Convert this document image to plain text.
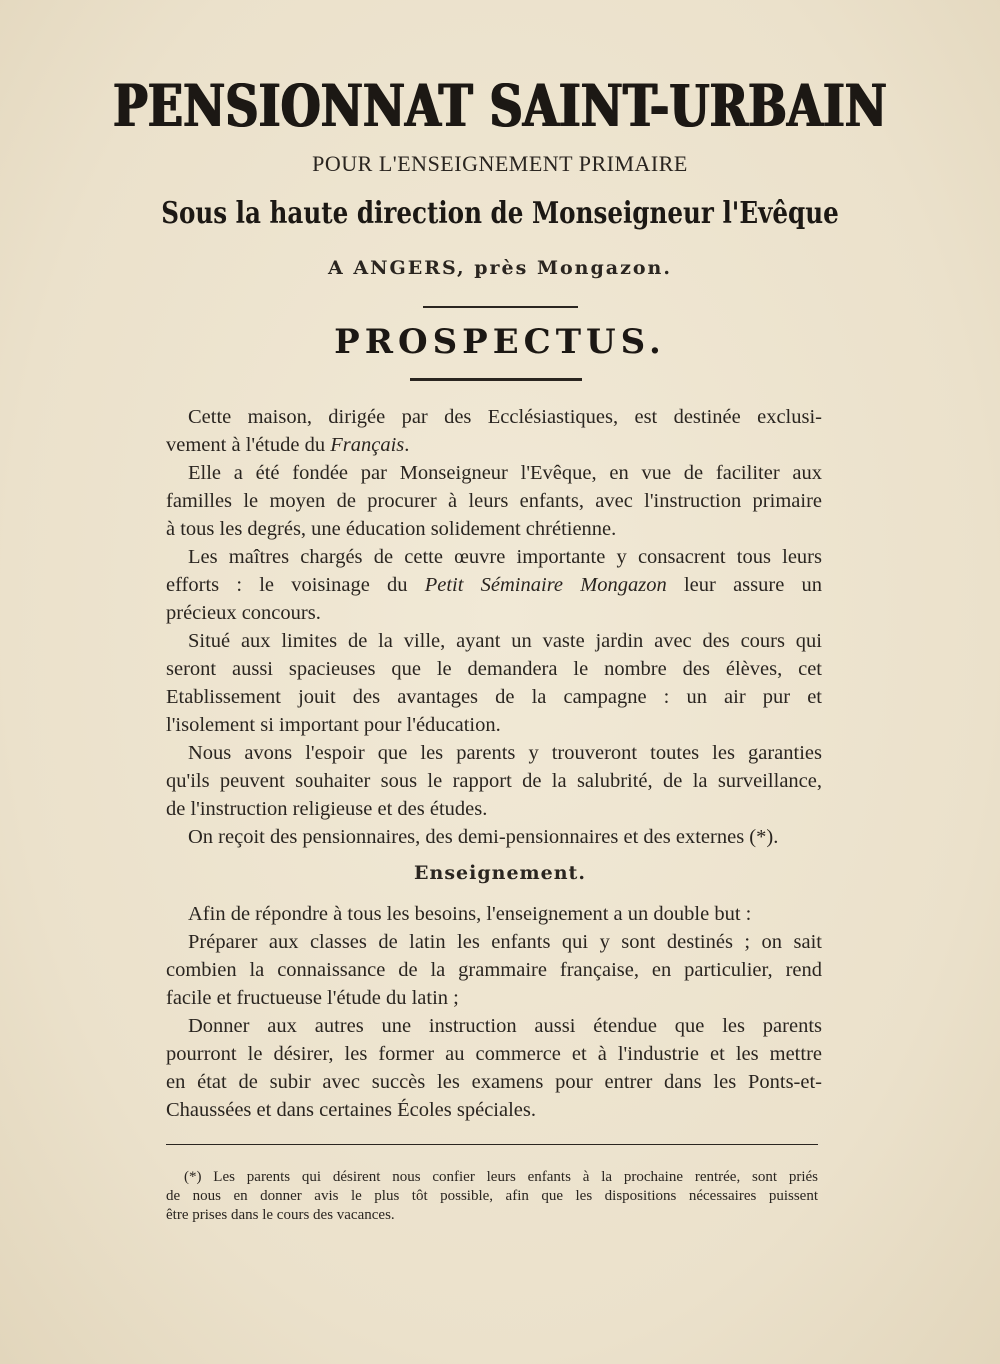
PENSIONNAT SAINT-URBAIN
POUR L'ENSEIGNEMENT PRIMAIRE
Sous la haute direction de Monseigneur l'Evêque
A ANGERS, près Mongazon.
PROSPECTUS.
Cette maison, dirigée par des Ecclésiastiques, est destinée exclusi-
vement à l'étude du Français.
Elle a été fondée par Monseigneur l'Evêque, en vue de faciliter aux
familles le moyen de procurer à leurs enfants, avec l'instruction primaire
à tous les degrés, une éducation solidement chrétienne.
Les maîtres chargés de cette œuvre importante y consacrent tous leurs
efforts : le voisinage du Petit Séminaire Mongazon leur assure un
précieux concours.
Situé aux limites de la ville, ayant un vaste jardin avec des cours qui
seront aussi spacieuses que le demandera le nombre des élèves, cet
Etablissement jouit des avantages de la campagne : un air pur et
l'isolement si important pour l'éducation.
Nous avons l'espoir que les parents y trouveront toutes les garanties
qu'ils peuvent souhaiter sous le rapport de la salubrité, de la surveillance,
de l'instruction religieuse et des études.
On reçoit des pensionnaires, des demi-pensionnaires et des externes (*).
Enseignement.
Afin de répondre à tous les besoins, l'enseignement a un double but :
Préparer aux classes de latin les enfants qui y sont destinés ; on sait
combien la connaissance de la grammaire française, en particulier, rend
facile et fructueuse l'étude du latin ;
Donner aux autres une instruction aussi étendue que les parents
pourront le désirer, les former au commerce et à l'industrie et les mettre
en état de subir avec succès les examens pour entrer dans les Ponts-et-
Chaussées et dans certaines Écoles spéciales.
(*) Les parents qui désirent nous confier leurs enfants à la prochaine rentrée, sont priés
de nous en donner avis le plus tôt possible, afin que les dispositions nécessaires puissent
être prises dans le cours des vacances.
